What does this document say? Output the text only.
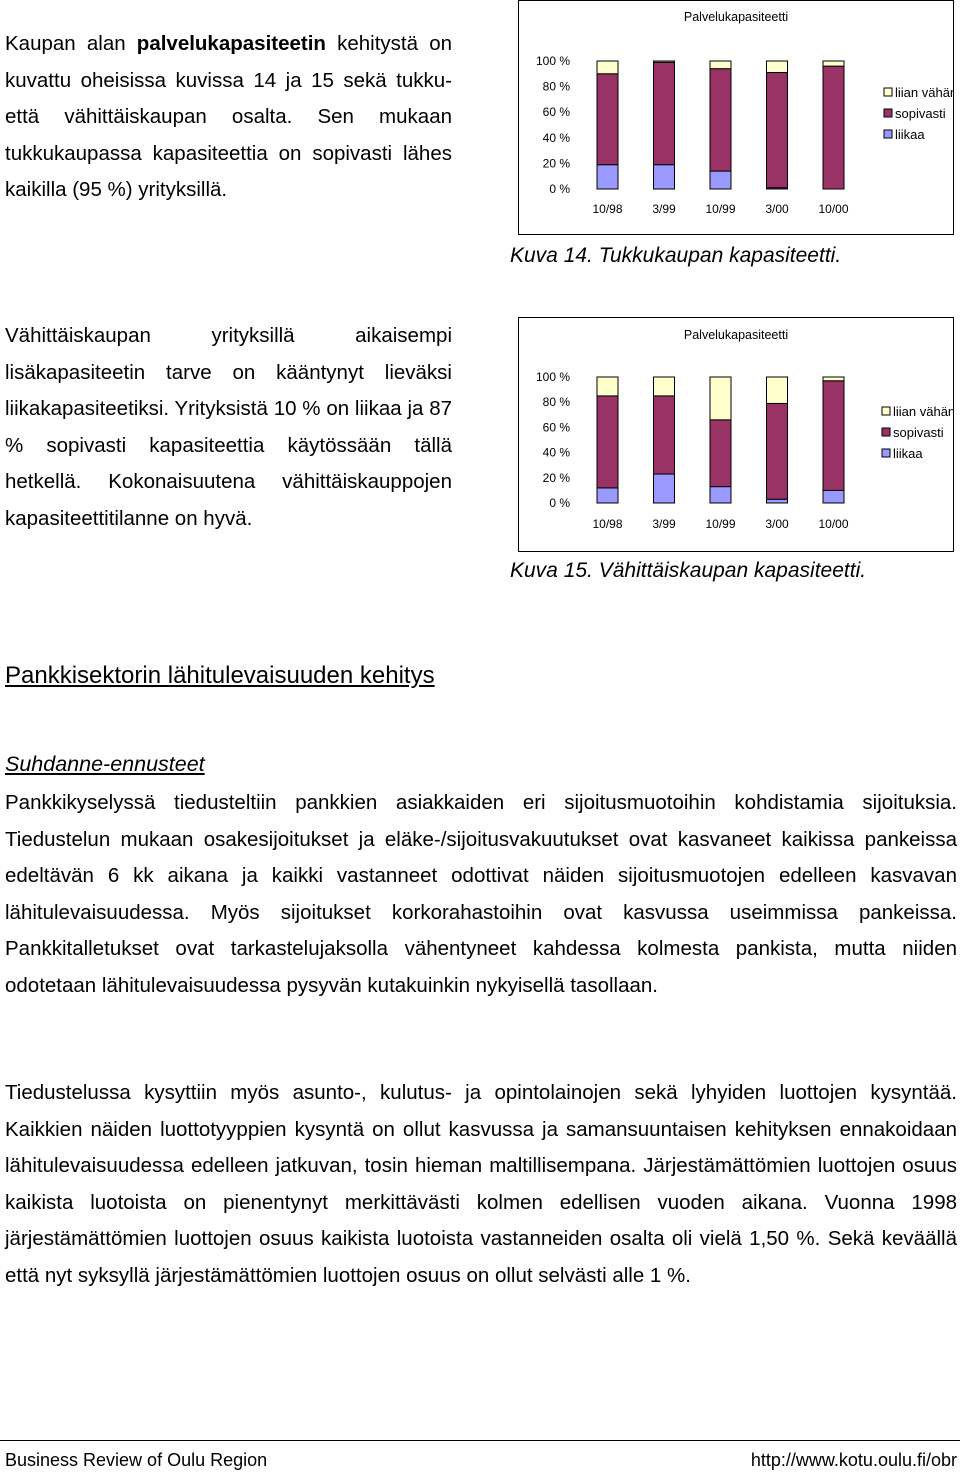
Kaupan alan palvelukapasiteetin kehitystä on kuvattu oheisissa kuvissa 14 ja 15 sekä tukku- että vähittäiskaupan osalta. Sen mukaan tukkukaupassa kapasiteettia on sopivasti lähes kaikilla (95 %) yrityksillä.
Palvelukapasiteetti
0 %
20 %
40 %
60 %
80 %
100 %
10/98 3/99 10/99 3/00 10/00
liian vähän
sopivasti
liikaa
Kuva 14. Tukkukaupan kapasiteetti.
Vähittäiskaupan yrityksillä aikaisempi lisäkapasiteetin tarve on kääntynyt lieväksi liikakapasiteetiksi. Yrityksistä 10 % on liikaa ja 87 % sopivasti kapasiteettia käytössään tällä hetkellä. Kokonaisuutena vähittäiskauppojen kapasiteettitilanne on hyvä.
Palvelukapasiteetti
0 %
20 %
40 %
60 %
80 %
100 %
10/98 3/99 10/99 3/00 10/00
liian vähän
sopivasti
liikaa
Kuva 15. Vähittäiskaupan kapasiteetti.
Pankkisektorin lähitulevaisuuden kehitys
Suhdanne-ennusteet
Pankkikyselyssä tiedusteltiin pankkien asiakkaiden eri sijoitusmuotoihin kohdistamia sijoituksia. Tiedustelun mukaan osakesijoitukset ja eläke-/sijoitusvakuutukset ovat kasvaneet kaikissa pankeissa edeltävän 6 kk aikana ja kaikki vastanneet odottivat näiden sijoitusmuotojen edelleen kasvavan lähitulevaisuudessa. Myös sijoitukset korkorahastoihin ovat kasvussa useimmissa pankeissa. Pankkitalletukset ovat tarkastelujaksolla vähentyneet kahdessa kolmesta pankista, mutta niiden odotetaan lähitulevaisuudessa pysyvän kutakuinkin nykyisellä tasollaan.
Tiedustelussa kysyttiin myös asunto-, kulutus- ja opintolainojen sekä lyhyiden luottojen kysyntää. Kaikkien näiden luottotyyppien kysyntä on ollut kasvussa ja samansuuntaisen kehityksen ennakoidaan lähitulevaisuudessa edelleen jatkuvan, tosin hieman maltillisempana. Järjestämättömien luottojen osuus kaikista luotoista on pienentynyt merkittävästi kolmen edellisen vuoden aikana. Vuonna 1998 järjestämättömien luottojen osuus kaikista luotoista vastanneiden osalta oli vielä 1,50 %. Sekä keväällä että nyt syksyllä järjestämättömien luottojen osuus on ollut selvästi alle 1 %.
Business Review of Oulu Region	http://www.kotu.oulu.fi/obr
